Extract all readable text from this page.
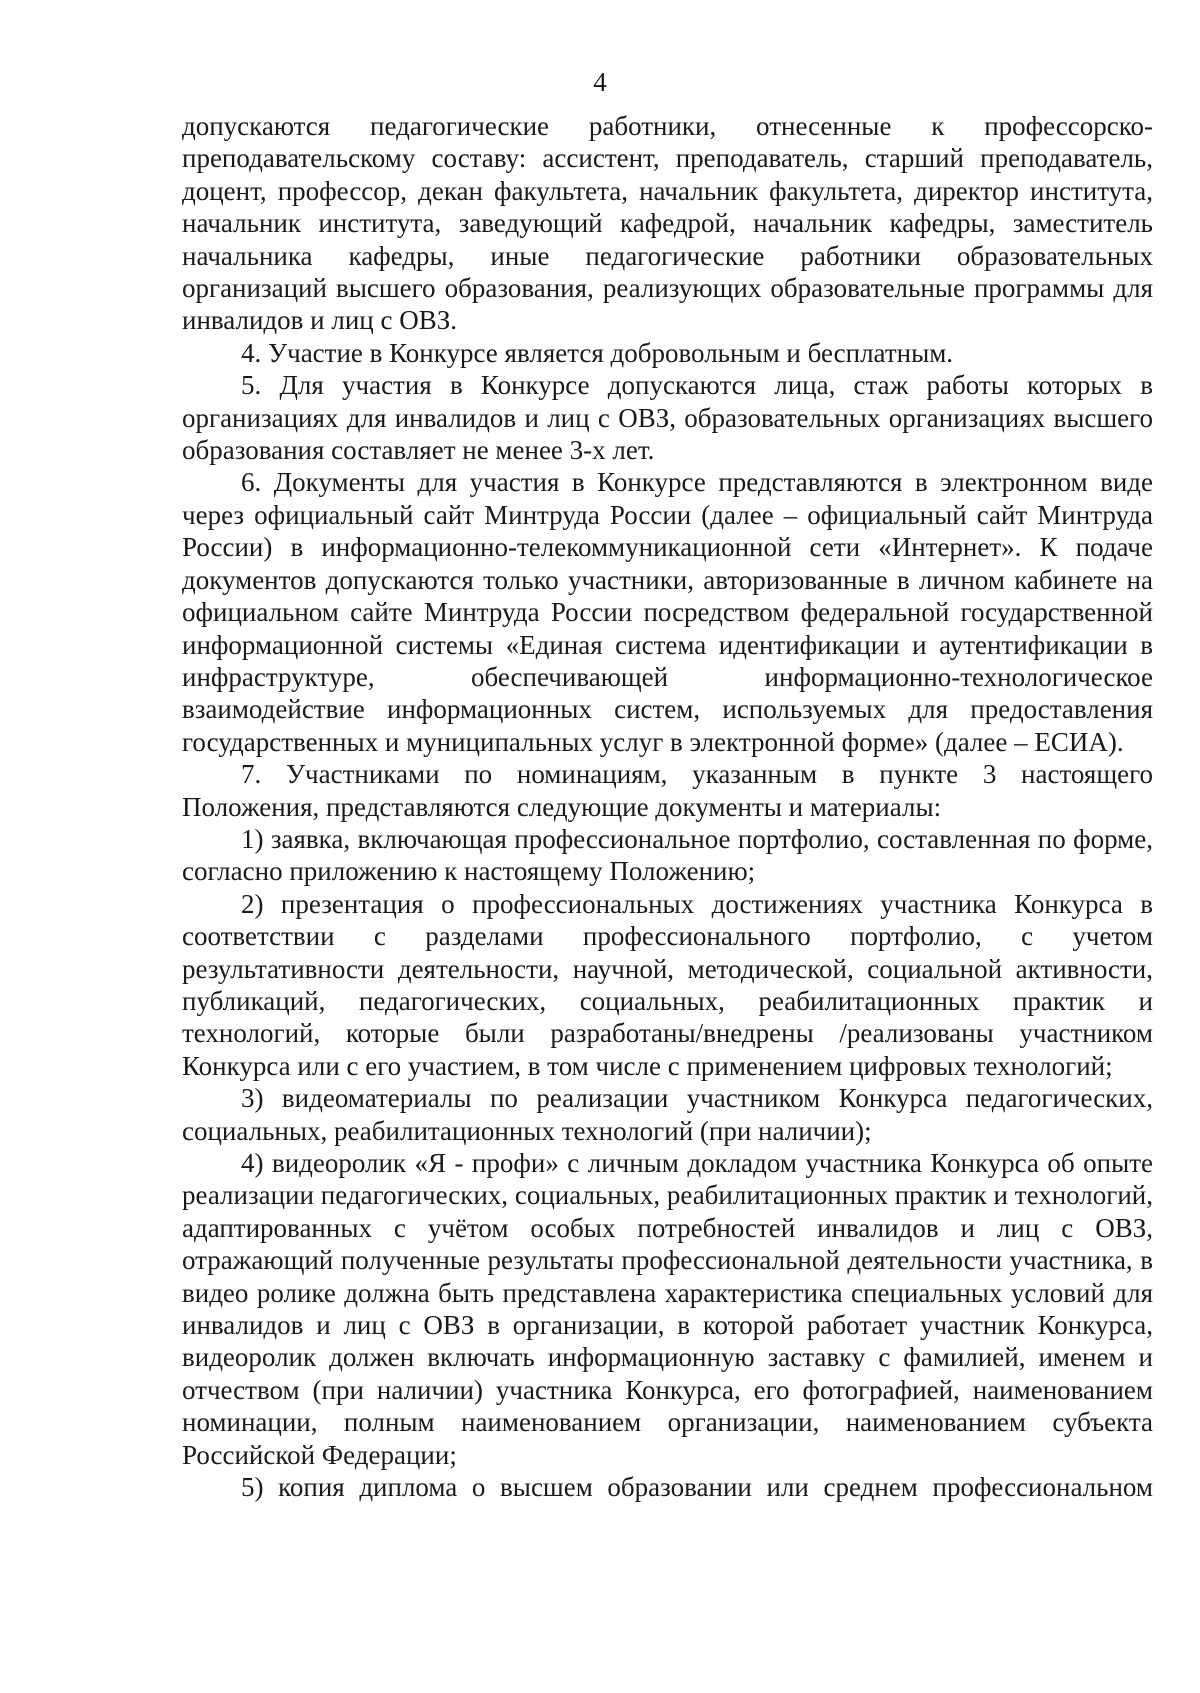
4

допускаются педагогические работники, отнесенные к профессорско-преподавательскому составу: ассистент, преподаватель, старший преподаватель, доцент, профессор, декан факультета, начальник факультета, директор института, начальник института, заведующий кафедрой, начальник кафедры, заместитель начальника кафедры, иные педагогические работники образовательных организаций высшего образования, реализующих образовательные программы для инвалидов и лиц с ОВЗ.

4. Участие в Конкурсе является добровольным и бесплатным.

5. Для участия в Конкурсе допускаются лица, стаж работы которых в организациях для инвалидов и лиц с ОВЗ, образовательных организациях высшего образования составляет не менее 3-х лет.

6. Документы для участия в Конкурсе представляются в электронном виде через официальный сайт Минтруда России (далее – официальный сайт Минтруда России) в информационно-телекоммуникационной сети «Интернет». К подаче документов допускаются только участники, авторизованные в личном кабинете на официальном сайте Минтруда России посредством федеральной государственной информационной системы «Единая система идентификации и аутентификации в инфраструктуре, обеспечивающей информационно-технологическое взаимодействие информационных систем, используемых для предоставления государственных и муниципальных услуг в электронной форме» (далее – ЕСИА).

7. Участниками по номинациям, указанным в пункте 3 настоящего Положения, представляются следующие документы и материалы:

1) заявка, включающая профессиональное портфолио, составленная по форме, согласно приложению к настоящему Положению;

2) презентация о профессиональных достижениях участника Конкурса в соответствии с разделами профессионального портфолио, с учетом результативности деятельности, научной, методической, социальной активности, публикаций, педагогических, социальных, реабилитационных практик и технологий, которые были разработаны/внедрены /реализованы участником Конкурса или с его участием, в том числе с применением цифровых технологий;

3) видеоматериалы по реализации участником Конкурса педагогических, социальных, реабилитационных технологий (при наличии);

4) видеоролик «Я - профи» с личным докладом участника Конкурса об опыте реализации педагогических, социальных, реабилитационных практик и технологий, адаптированных с учётом особых потребностей инвалидов и лиц с ОВЗ, отражающий полученные результаты профессиональной деятельности участника, в видео ролике должна быть представлена характеристика специальных условий для инвалидов и лиц с ОВЗ в организации, в которой работает участник Конкурса, видеоролик должен включать информационную заставку с фамилией, именем и отчеством (при наличии) участника Конкурса, его фотографией, наименованием номинации, полным наименованием организации, наименованием субъекта Российской Федерации;

5) копия диплома о высшем образовании или среднем профессиональном
